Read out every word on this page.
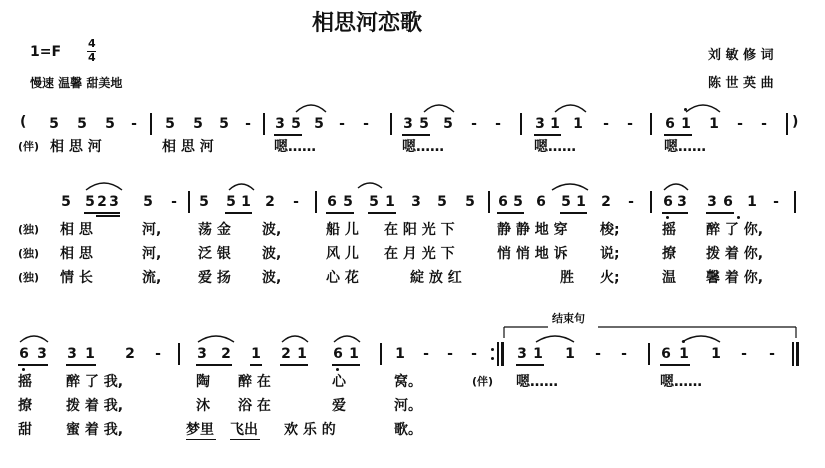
相思河恋歌
1=F
4
4
慢速 温馨 甜美地
刘 敏 修 词
陈 世 英 曲
( 5 5 5 - 5 5 5 - 3 5 5 - - 3 5 5 - - 3 1 1 - - 6 1 1 - - )
(伴) 相 思 河	相 思 河	嗯……	嗯……	嗯……	嗯……
5 5 2 3 5 - 5 5 1 2 - 6 5 5 1 3 5 5 6 5 6 5 1 2 - 6 3 3 6 1 -
(独) 相 思	河,	荡 金 波,	船 儿 在 阳 光 下	静 静 地 穿 梭;	摇 醉 了 你,
(独) 相 思	河,	泛 银 波,	风 儿 在 月 光 下	悄 悄 地 诉 说;	撩 拨 着 你,
(独) 情 长	流,	爱 扬 波,	心 花	綻 放 红	胜 火;	温 馨 着 你,
6 3 3 1 2 -	3 2 1 2 1 6 1	1 - - -	3 1 1 - - 6 1 1 - -
结束句
摇 醉 了 我,	陶 醉 在	心	窝。
撩 拨 着 我,	沐 浴 在	爱	河。
甜 蜜 着 我,	梦里 飞出 欢 乐 的	歌。
(伴) 嗯……	嗯……
